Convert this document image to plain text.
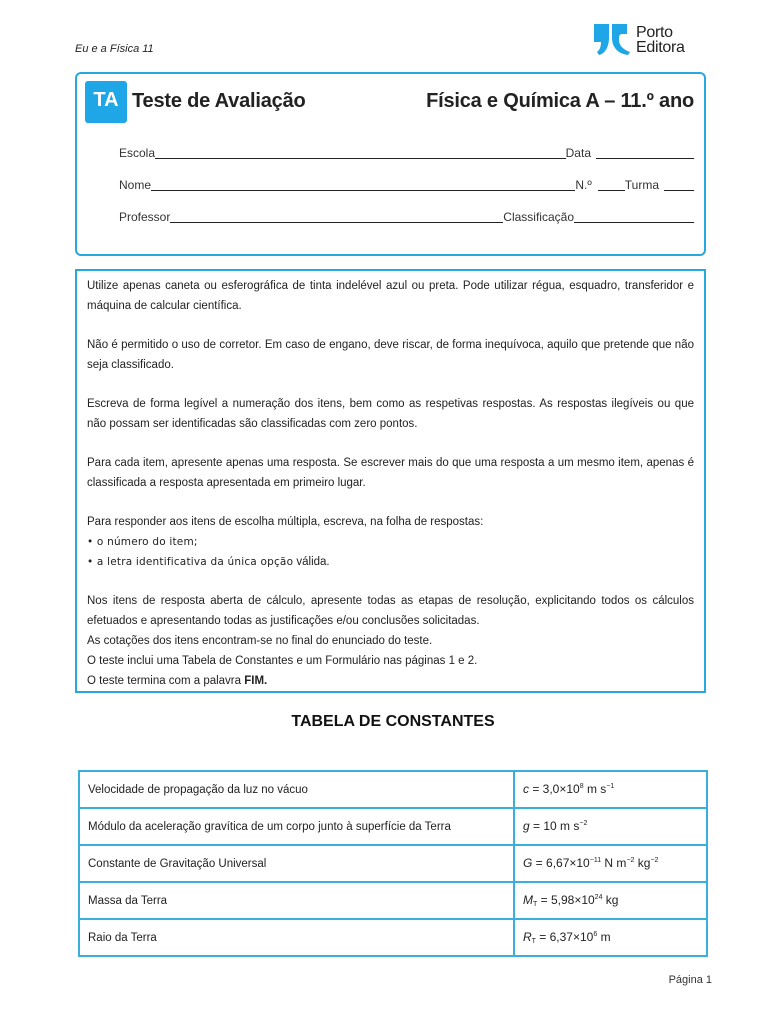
Eu e a Física 11
Porto
Editora
TA Teste de Avaliação	Física e Química A – 11.º ano
Escola	Data
Nome	N.º	Turma
Professor	Classificação

Utilize apenas caneta ou esferográfica de tinta indelével azul ou preta. Pode utilizar régua, esquadro, transferidor e máquina de calcular científica.

Não é permitido o uso de corretor. Em caso de engano, deve riscar, de forma inequívoca, aquilo que pretende que não seja classificado.

Escreva de forma legível a numeração dos itens, bem como as respetivas respostas. As respostas ilegíveis ou que não possam ser identificadas são classificadas com zero pontos.

Para cada item, apresente apenas uma resposta. Se escrever mais do que uma resposta a um mesmo item, apenas é classificada a resposta apresentada em primeiro lugar.

Para responder aos itens de escolha múltipla, escreva, na folha de respostas:

• o número do item;

• a letra identificativa da única opção válida.

Nos itens de resposta aberta de cálculo, apresente todas as etapas de resolução, explicitando todos os cálculos efetuados e apresentando todas as justificações e/ou conclusões solicitadas.

As cotações dos itens encontram-se no final do enunciado do teste.

O teste inclui uma Tabela de Constantes e um Formulário nas páginas 1 e 2.

O teste termina com a palavra FIM.

TABELA DE CONSTANTES
Velocidade de propagação da luz no vácuo	$c = 3,0\times 10^8$ m $s^{-1}$
Módulo da aceleração gravítica de um corpo junto à superfície da Terra	g = 10 m $s^{-2}$
Constante de Gravitação Universal	$G = 6,67\times 10^{-11}$ N $m^{-2}$ $kg^{-2}$
Massa da Terra	$M_T = 5,98\times 10^{24}$ kg
Raio da Terra	$R_T = 6,37\times 10^6$ m
Página 1
